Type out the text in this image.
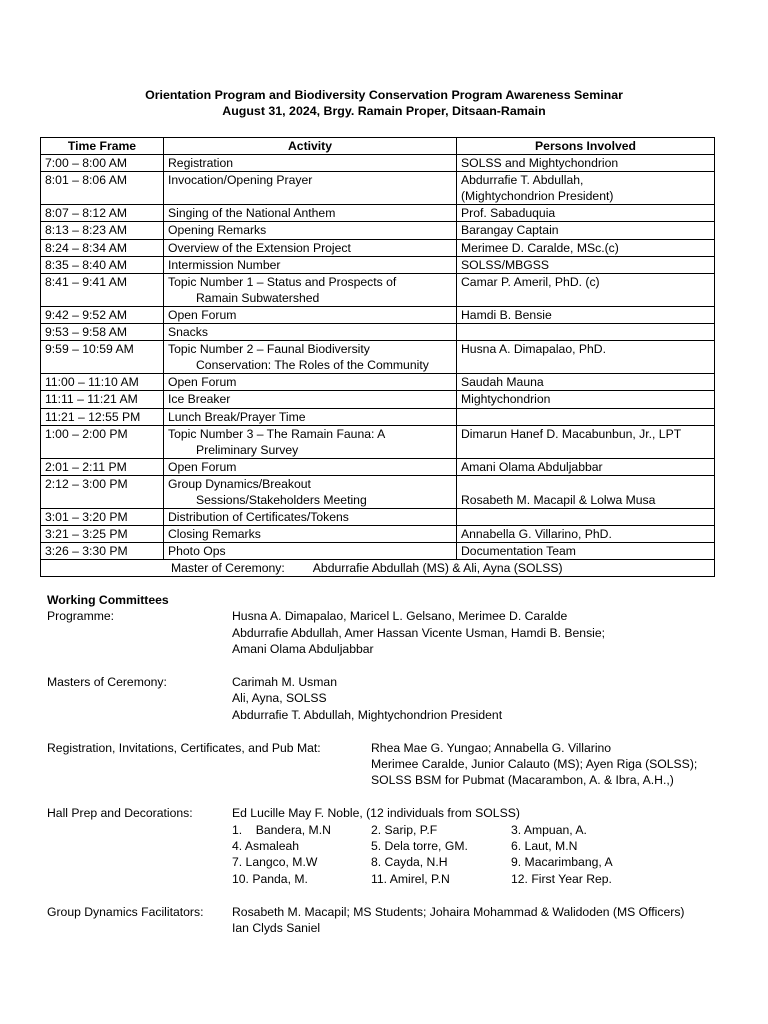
Orientation Program and Biodiversity Conservation Program Awareness Seminar
August 31, 2024, Brgy. Ramain Proper, Ditsaan-Ramain
Time Frame	Activity	Persons Involved
7:00 – 8:00 AM	Registration	SOLSS and Mightychondrion

8:01 – 8:06 AM	Invocation/Opening Prayer	Abdurrafie T. Abdullah,
(Mightychondrion President)

8:07 – 8:12 AM	Singing of the National Anthem	Prof. Sabaduquia

8:13 – 8:23 AM	Opening Remarks	Barangay Captain

8:24 – 8:34 AM	Overview of the Extension Project	Merimee D. Caralde, MSc.(c)

8:35 – 8:40 AM	Intermission Number	SOLSS/MBGSS

8:41 – 9:41 AM	Topic Number 1 – Status and Prospects of
Ramain Subwatershed	Camar P. Ameril, PhD. (c)

9:42 – 9:52 AM	Open Forum	Hamdi B. Bensie

9:53 – 9:58 AM	Snacks	

9:59 – 10:59 AM	Topic Number 2 – Faunal Biodiversity
Conservation: The Roles of the Community	Husna A. Dimapalao, PhD.

11:00 – 11:10 AM	Open Forum	Saudah Mauna

11:11 – 11:21 AM	Ice Breaker	Mightychondrion

11:21 – 12:55 PM	Lunch Break/Prayer Time	

1:00 – 2:00 PM	Topic Number 3 – The Ramain Fauna: A
Preliminary Survey	Dimarun Hanef D. Macabunbun, Jr., LPT

2:01 – 2:11 PM	Open Forum	Amani Olama Abduljabbar

2:12 – 3:00 PM	Group Dynamics/Breakout
Sessions/Stakeholders Meeting	Rosabeth M. Macapil & Lolwa Musa

3:01 – 3:20 PM	Distribution of Certificates/Tokens	

3:21 – 3:25 PM	Closing Remarks	Annabella G. Villarino, PhD.

3:26 – 3:30 PM	Photo Ops	Documentation Team

Master of Ceremony: Abdurrafie Abdullah (MS) & Ali, Ayna (SOLSS)		
Working Committees
Programme:	Husna A. Dimapalao, Maricel L. Gelsano, Merimee D. Caralde
Abdurrafie Abdullah, Amer Hassan Vicente Usman, Hamdi B. Bensie;
Amani Olama Abduljabbar
Masters of Ceremony:	Carimah M. Usman
Ali, Ayna, SOLSS
Abdurrafie T. Abdullah, Mightychondrion President
Registration, Invitations, Certificates, and Pub Mat:	Rhea Mae G. Yungao; Annabella G. Villarino
Merimee Caralde, Junior Calauto (MS); Ayen Riga (SOLSS);
SOLSS BSM for Pubmat (Macarambon, A. & Ibra, A.H.,)
Hall Prep and Decorations:	Ed Lucille May F. Noble, (12 individuals from SOLSS)
1.    Bandera, M.N	2. Sarip, P.F	3. Ampuan, A.
4. Asmaleah	5. Dela torre, GM.	6. Laut, M.N
7. Langco, M.W	8. Cayda, N.H	9. Macarimbang, A
10. Panda, M.	11. Amirel, P.N	12. First Year Rep.
Group Dynamics Facilitators: Rosabeth M. Macapil; MS Students; Johaira Mohammad & Walidoden (MS Officers)
Ian Clyds Saniel
